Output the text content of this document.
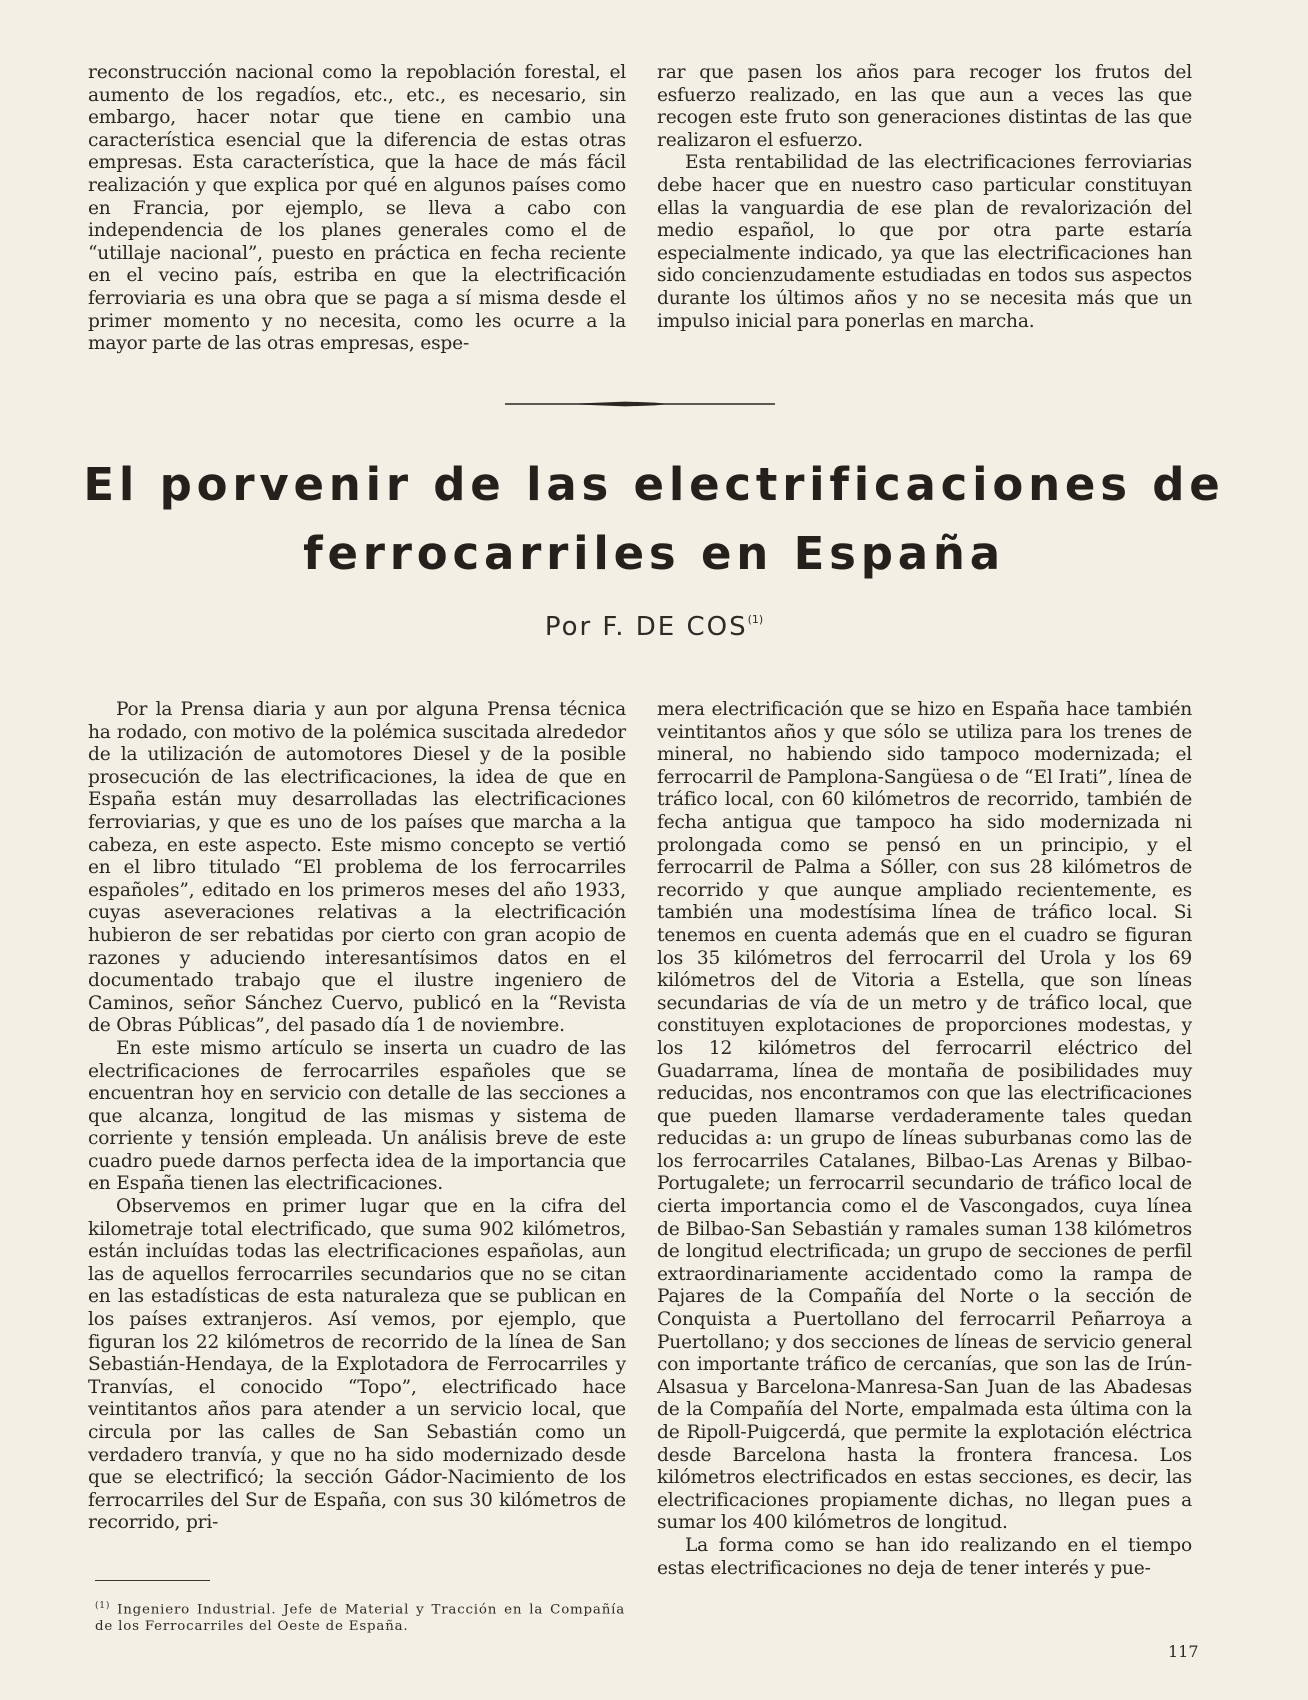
reconstrucción nacional como la repoblación forestal, el aumento de los regadíos, etc., etc., es necesario, sin embargo, hacer notar que tiene en cambio una característica esencial que la diferencia de estas otras empresas. Esta característica, que la hace de más fácil realización y que explica por qué en algunos países como en Francia, por ejemplo, se lleva a cabo con independencia de los planes generales como el de “utillaje nacional”, puesto en práctica en fecha reciente en el vecino país, estriba en que la electrificación ferroviaria es una obra que se paga a sí misma desde el primer momento y no necesita, como les ocurre a la mayor parte de las otras empresas, espe-

rar que pasen los años para recoger los frutos del esfuerzo realizado, en las que aun a veces las que recogen este fruto son generaciones distintas de las que realizaron el esfuerzo.

Esta rentabilidad de las electrificaciones ferroviarias debe hacer que en nuestro caso particular constituyan ellas la vanguardia de ese plan de revalorización del medio español, lo que por otra parte estaría especialmente indicado, ya que las electrificaciones han sido concienzudamente estudiadas en todos sus aspectos durante los últimos años y no se necesita más que un impulso inicial para ponerlas en marcha.

El porvenir de las electrificaciones de
ferrocarriles en España
Por F. DE COS$^{(1)}$

Por la Prensa diaria y aun por alguna Prensa técnica ha rodado, con motivo de la polémica suscitada alrededor de la utilización de automotores Diesel y de la posible prosecución de las electrificaciones, la idea de que en España están muy desarrolladas las electrificaciones ferroviarias, y que es uno de los países que marcha a la cabeza, en este aspecto. Este mismo concepto se vertió en el libro titulado “El problema de los ferrocarriles españoles”, editado en los primeros meses del año 1933, cuyas aseveraciones relativas a la electrificación hubieron de ser rebatidas por cierto con gran acopio de razones y aduciendo interesantísimos datos en el documentado trabajo que el ilustre ingeniero de Caminos, señor Sánchez Cuervo, publicó en la “Revista de Obras Públicas”, del pasado día 1 de noviembre.

En este mismo artículo se inserta un cuadro de las electrificaciones de ferrocarriles españoles que se encuentran hoy en servicio con detalle de las secciones a que alcanza, longitud de las mismas y sistema de corriente y tensión empleada. Un análisis breve de este cuadro puede darnos perfecta idea de la importancia que en España tienen las electrificaciones.

Observemos en primer lugar que en la cifra del kilometraje total electrificado, que suma 902 kilómetros, están incluídas todas las electrificaciones españolas, aun las de aquellos ferrocarriles secundarios que no se citan en las estadísticas de esta naturaleza que se publican en los países extranjeros. Así vemos, por ejemplo, que figuran los 22 kilómetros de recorrido de la línea de San Sebastián-Hendaya, de la Explotadora de Ferrocarriles y Tranvías, el conocido “Topo”, electrificado hace veintitantos años para atender a un servicio local, que circula por las calles de San Sebastián como un verdadero tranvía, y que no ha sido modernizado desde que se electrificó; la sección Gádor-Nacimiento de los ferrocarriles del Sur de España, con sus 30 kilómetros de recorrido, pri-

mera electrificación que se hizo en España hace también veintitantos años y que sólo se utiliza para los trenes de mineral, no habiendo sido tampoco modernizada; el ferrocarril de Pamplona-Sangüesa o de “El Irati”, línea de tráfico local, con 60 kilómetros de recorrido, también de fecha antigua que tampoco ha sido modernizada ni prolongada como se pensó en un principio, y el ferrocarril de Palma a Sóller, con sus 28 kilómetros de recorrido y que aunque ampliado recientemente, es también una modestísima línea de tráfico local. Si tenemos en cuenta además que en el cuadro se figuran los 35 kilómetros del ferrocarril del Urola y los 69 kilómetros del de Vitoria a Estella, que son líneas secundarias de vía de un metro y de tráfico local, que constituyen explotaciones de proporciones modestas, y los 12 kilómetros del ferrocarril eléctrico del Guadarrama, línea de montaña de posibilidades muy reducidas, nos encontramos con que las electrificaciones que pueden llamarse verdaderamente tales quedan reducidas a: un grupo de líneas suburbanas como las de los ferrocarriles Catalanes, Bilbao-Las Arenas y Bilbao-Portugalete; un ferrocarril secundario de tráfico local de cierta importancia como el de Vascongados, cuya línea de Bilbao-San Sebastián y ramales suman 138 kilómetros de longitud electrificada; un grupo de secciones de perfil extraordinariamente accidentado como la rampa de Pajares de la Compañía del Norte o la sección de Conquista a Puertollano del ferrocarril Peñarroya a Puertollano; y dos secciones de líneas de servicio general con importante tráfico de cercanías, que son las de Irún-Alsasua y Barcelona-Manresa-San Juan de las Abadesas de la Compañía del Norte, empalmada esta última con la de Ripoll-Puigcerdá, que permite la explotación eléctrica desde Barcelona hasta la frontera francesa. Los kilómetros electrificados en estas secciones, es decir, las electrificaciones propiamente dichas, no llegan pues a sumar los 400 kilómetros de longitud.

La forma como se han ido realizando en el tiempo estas electrificaciones no deja de tener interés y pue-

$^{(1)}$ Ingeniero Industrial. Jefe de Material y Tracción en la Compañía de los Ferrocarriles del Oeste de España.
117
